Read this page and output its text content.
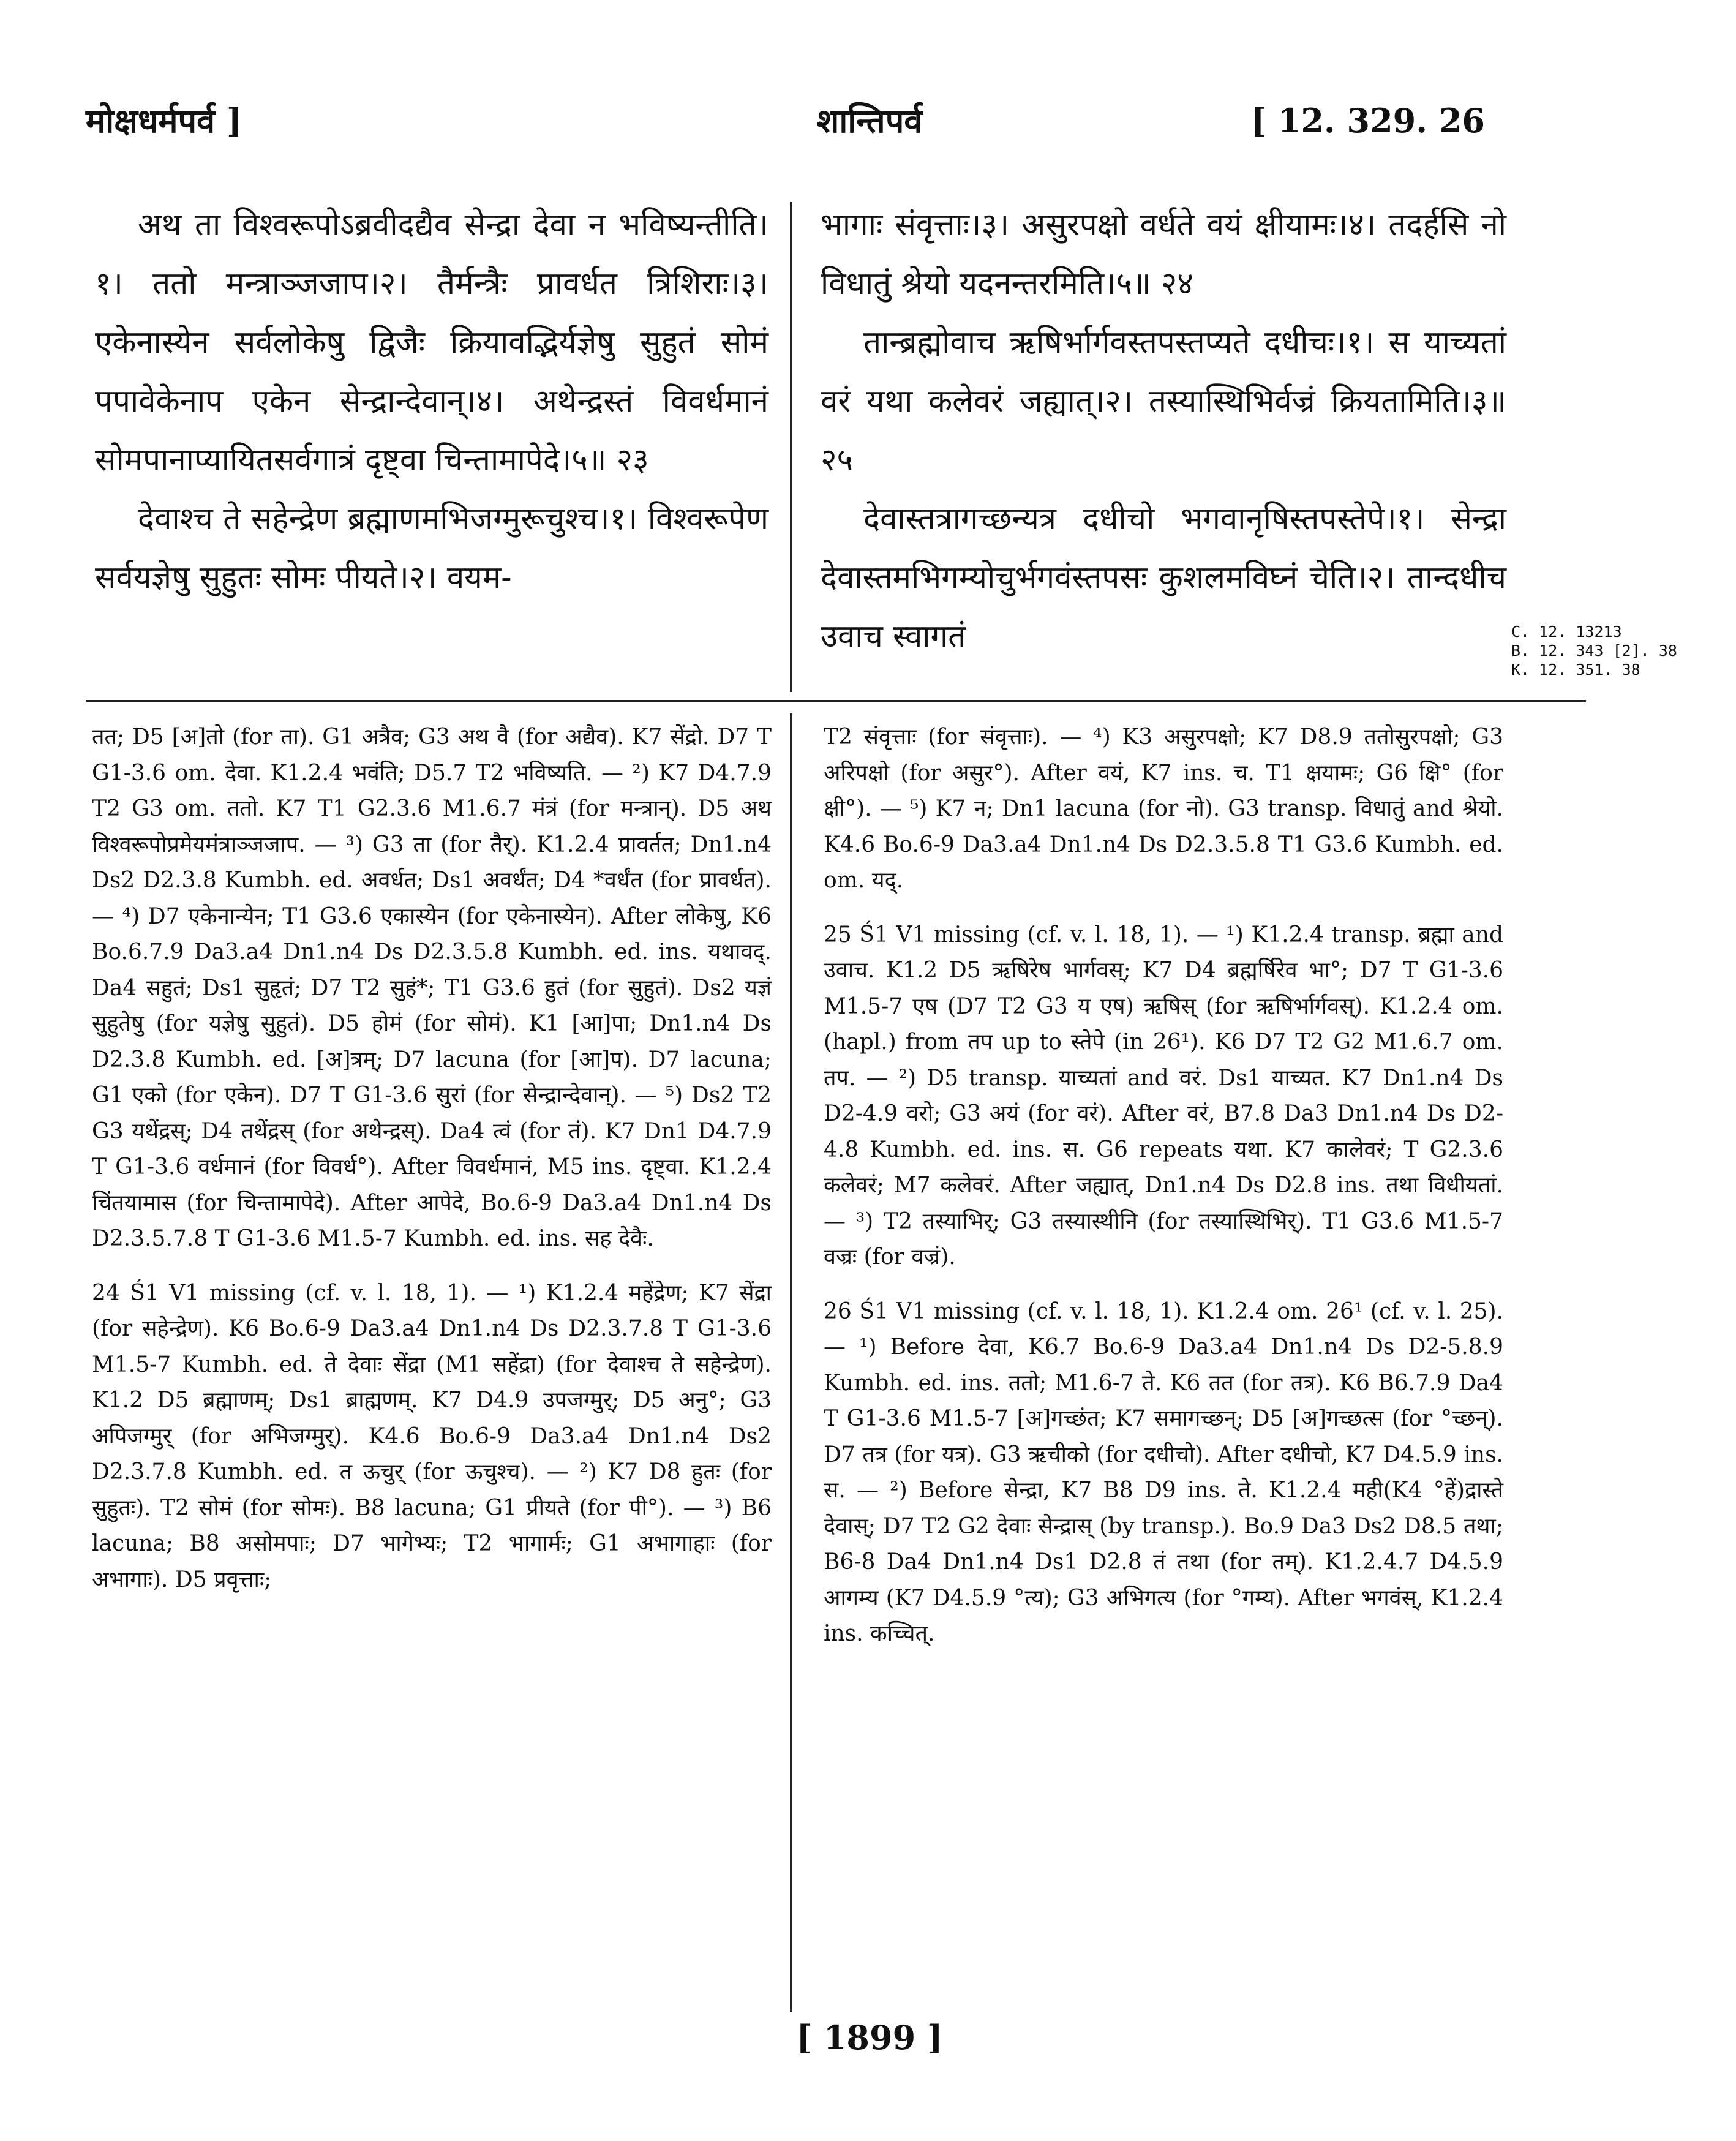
मोक्षधर्मपर्व ]	शान्तिपर्व	[ 12. 329. 26

अथ ता विश्वरूपोऽब्रवीदद्यैव सेन्द्रा देवा न भविष्यन्तीति।१। ततो मन्त्राञ्जजाप।२। तैर्मन्त्रैः प्रावर्धत त्रिशिराः।३। एकेनास्येन सर्वलोकेषु द्विजैः क्रियावद्भिर्यज्ञेषु सुहुतं सोमं पपावेकेनाप एकेन सेन्द्रान्देवान्।४। अथेन्द्रस्तं विवर्धमानं सोमपानाप्यायितसर्वगात्रं दृष्ट्वा चिन्तामापेदे।५॥ २३

देवाश्च ते सहेन्द्रेण ब्रह्माणमभिजग्मुरूचुश्च।१। विश्वरूपेण सर्वयज्ञेषु सुहुतः सोमः पीयते।२। वयम-

भागाः संवृत्ताः।३। असुरपक्षो वर्धते वयं क्षीयामः।४। तदर्हसि नो विधातुं श्रेयो यदनन्तरमिति।५॥ २४

तान्ब्रह्मोवाच ऋषिर्भार्गवस्तपस्तप्यते दधीचः।१। स याच्यतां वरं यथा कलेवरं जह्यात्।२। तस्यास्थिभिर्वज्रं क्रियतामिति।३॥ २५

देवास्तत्रागच्छन्यत्र दधीचो भगवानृषिस्तपस्तेपे।१। सेन्द्रा देवास्तमभिगम्योचुर्भगवंस्तपसः कुशलमविघ्नं चेति।२। तान्दधीच उवाच स्वागतं	C. 12. 13213
B. 12. 343 [2]. 38
K. 12. 351. 38

तत; D5 [अ]तो (for ता). G1 अत्रैव; G3 अथ वै (for अद्यैव). K7 सेंद्रो. D7 T G1-3.6 om. देवा. K1.2.4 भवंति; D5.7 T2 भविष्यति. — ²) K7 D4.7.9 T2 G3 om. ततो. K7 T1 G2.3.6 M1.6.7 मंत्रं (for मन्त्रान्). D5 अथ विश्वरूपोप्रमेयमंत्राञ्जजाप. — ³) G3 ता (for तैर्). K1.2.4 प्रावर्तत; Dn1.n4 Ds2 D2.3.8 Kumbh. ed. अवर्धत; Ds1 अवर्धंत; D4 *वर्धंत (for प्रावर्धत). — ⁴) D7 एकेनान्येन; T1 G3.6 एकास्येन (for एकेनास्येन). After लोकेषु, K6 Bo.6.7.9 Da3.a4 Dn1.n4 Ds D2.3.5.8 Kumbh. ed. ins. यथावद्. Da4 सहुतं; Ds1 सुहृतं; D7 T2 सुहं*; T1 G3.6 हुतं (for सुहुतं). Ds2 यज्ञं सुहुतेषु (for यज्ञेषु सुहुतं). D5 होमं (for सोमं). K1 [आ]पा; Dn1.n4 Ds D2.3.8 Kumbh. ed. [अ]त्रम्; D7 lacuna (for [आ]प). D7 lacuna; G1 एको (for एकेन). D7 T G1-3.6 सुरां (for सेन्द्रान्देवान्). — ⁵) Ds2 T2 G3 यथेंद्रस्; D4 तथेंद्रस् (for अथेन्द्रस्). Da4 त्वं (for तं). K7 Dn1 D4.7.9 T G1-3.6 वर्धमानं (for विवर्ध°). After विवर्धमानं, M5 ins. दृष्ट्वा. K1.2.4 चिंतयामास (for चिन्तामापेदे). After आपेदे, Bo.6-9 Da3.a4 Dn1.n4 Ds D2.3.5.7.8 T G1-3.6 M1.5-7 Kumbh. ed. ins. सह देवैः.

24 Ś1 V1 missing (cf. v. l. 18, 1). — ¹) K1.2.4 महेंद्रेण; K7 सेंद्रा (for सहेन्द्रेण). K6 Bo.6-9 Da3.a4 Dn1.n4 Ds D2.3.7.8 T G1-3.6 M1.5-7 Kumbh. ed. ते देवाः सेंद्रा (M1 सहेंद्रा) (for देवाश्च ते सहेन्द्रेण). K1.2 D5 ब्रह्माणम्; Ds1 ब्राह्मणम्. K7 D4.9 उपजग्मुर्; D5 अनु°; G3 अपिजग्मुर् (for अभिजग्मुर्). K4.6 Bo.6-9 Da3.a4 Dn1.n4 Ds2 D2.3.7.8 Kumbh. ed. त ऊचुर् (for ऊचुश्च). — ²) K7 D8 हुतः (for सुहुतः). T2 सोमं (for सोमः). B8 lacuna; G1 प्रीयते (for पी°). — ³) B6 lacuna; B8 असोमपाः; D7 भागेभ्यः; T2 भागार्मः; G1 अभागाहाः (for अभागाः). D5 प्रवृत्ताः;

T2 संवृत्ताः (for संवृत्ताः). — ⁴) K3 असुरपक्षो; K7 D8.9 ततोसुरपक्षो; G3 अरिपक्षो (for असुर°). After वयं, K7 ins. च. T1 क्षयामः; G6 क्षि° (for क्षी°). — ⁵) K7 न; Dn1 lacuna (for नो). G3 transp. विधातुं and श्रेयो. K4.6 Bo.6-9 Da3.a4 Dn1.n4 Ds D2.3.5.8 T1 G3.6 Kumbh. ed. om. यद्.

25 Ś1 V1 missing (cf. v. l. 18, 1). — ¹) K1.2.4 transp. ब्रह्मा and उवाच. K1.2 D5 ऋषिरेष भार्गवस्; K7 D4 ब्रह्मर्षिरेव भा°; D7 T G1-3.6 M1.5-7 एष (D7 T2 G3 य एष) ऋषिस् (for ऋषिर्भार्गवस्). K1.2.4 om. (hapl.) from तप up to स्तेपे (in 26¹). K6 D7 T2 G2 M1.6.7 om. तप. — ²) D5 transp. याच्यतां and वरं. Ds1 याच्यत. K7 Dn1.n4 Ds D2-4.9 वरो; G3 अयं (for वरं). After वरं, B7.8 Da3 Dn1.n4 Ds D2-4.8 Kumbh. ed. ins. स. G6 repeats यथा. K7 कालेवरं; T G2.3.6 कलेवरं; M7 कलेवरं. After जह्यात्, Dn1.n4 Ds D2.8 ins. तथा विधीयतां. — ³) T2 तस्याभिर्; G3 तस्यास्थीनि (for तस्यास्थिभिर्). T1 G3.6 M1.5-7 वज्रः (for वज्रं).

26 Ś1 V1 missing (cf. v. l. 18, 1). K1.2.4 om. 26¹ (cf. v. l. 25). — ¹) Before देवा, K6.7 Bo.6-9 Da3.a4 Dn1.n4 Ds D2-5.8.9 Kumbh. ed. ins. ततो; M1.6-7 ते. K6 तत (for तत्र). K6 B6.7.9 Da4 T G1-3.6 M1.5-7 [अ]गच्छंत; K7 समागच्छन्; D5 [अ]गच्छत्स (for °च्छन्). D7 तत्र (for यत्र). G3 ऋचीको (for दधीचो). After दधीचो, K7 D4.5.9 ins. स. — ²) Before सेन्द्रा, K7 B8 D9 ins. ते. K1.2.4 मही(K4 °हें)द्रास्ते देवास्; D7 T2 G2 देवाः सेन्द्रास् (by transp.). Bo.9 Da3 Ds2 D8.5 तथा; B6-8 Da4 Dn1.n4 Ds1 D2.8 तं तथा (for तम्). K1.2.4.7 D4.5.9 आगम्य (K7 D4.5.9 °त्य); G3 अभिगत्य (for °गम्य). After भगवंस्, K1.2.4 ins. कच्चित्.

[ 1899 ]
